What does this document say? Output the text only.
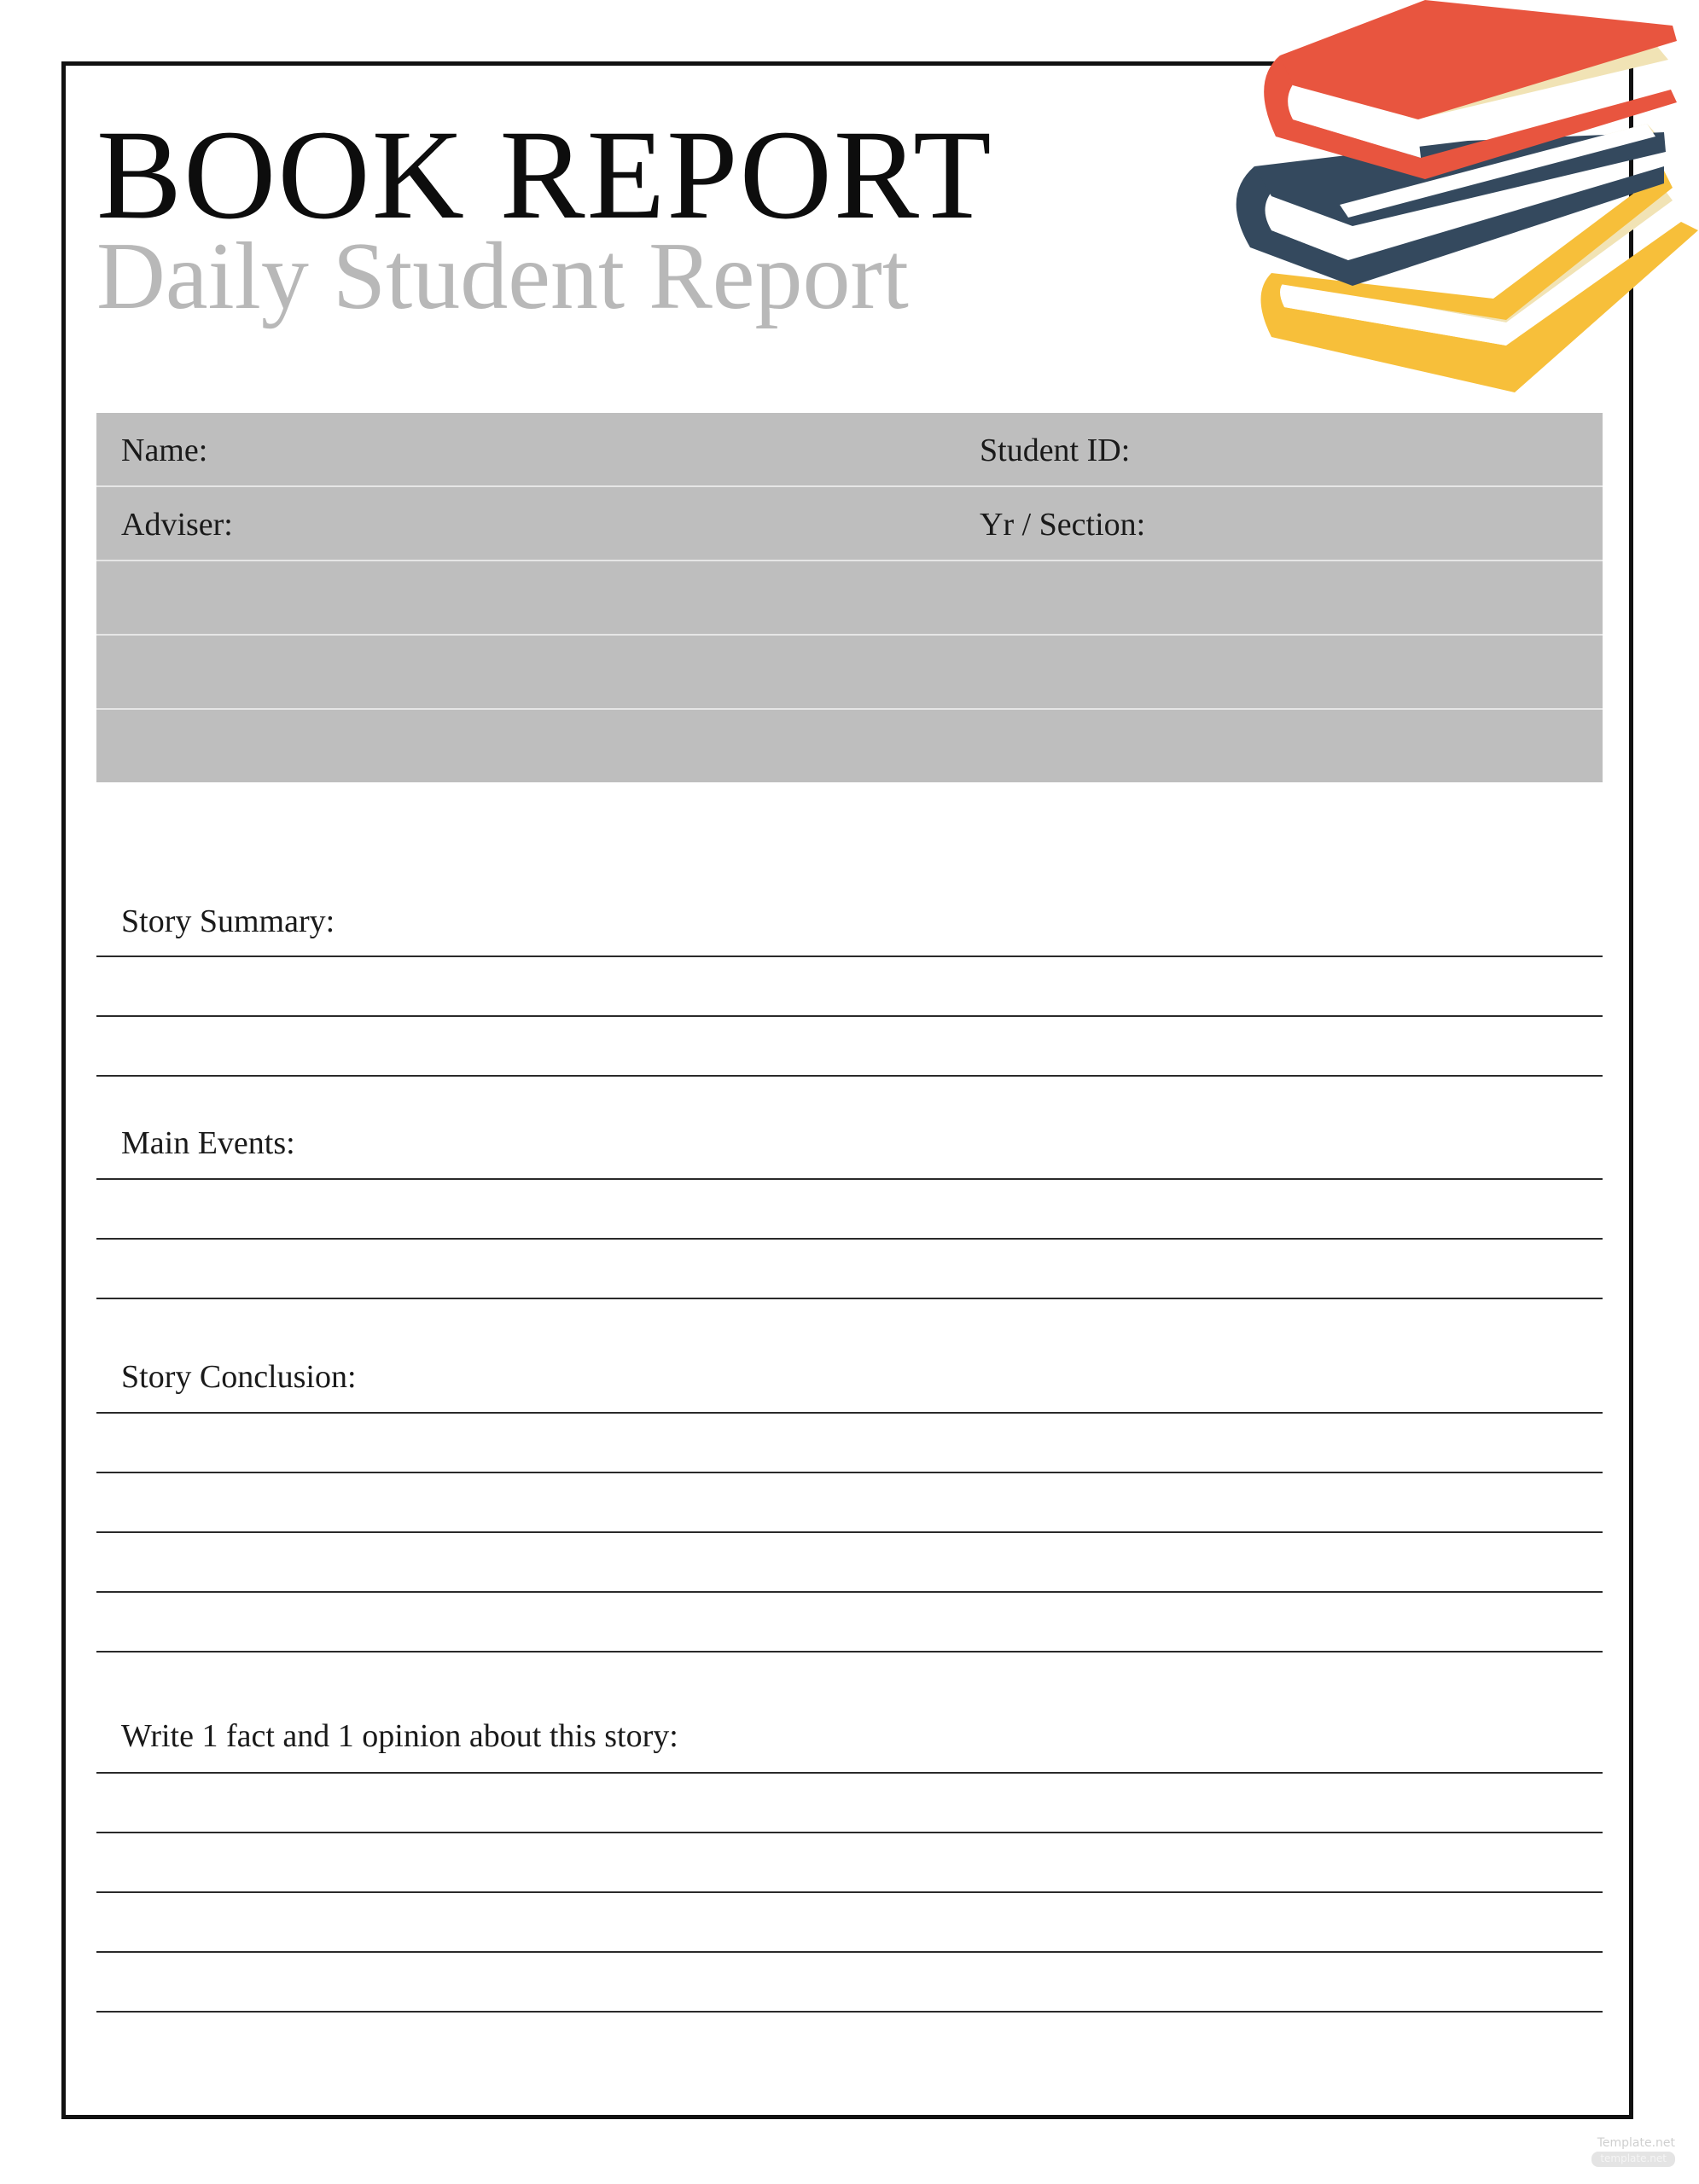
BOOK REPORT
Daily Student Report
Name:	Student ID:
Adviser:	Yr / Section:
Story Summary:
Main Events:
Story Conclusion:
Write 1 fact and 1 opinion about this story:
Template.net
template.net
